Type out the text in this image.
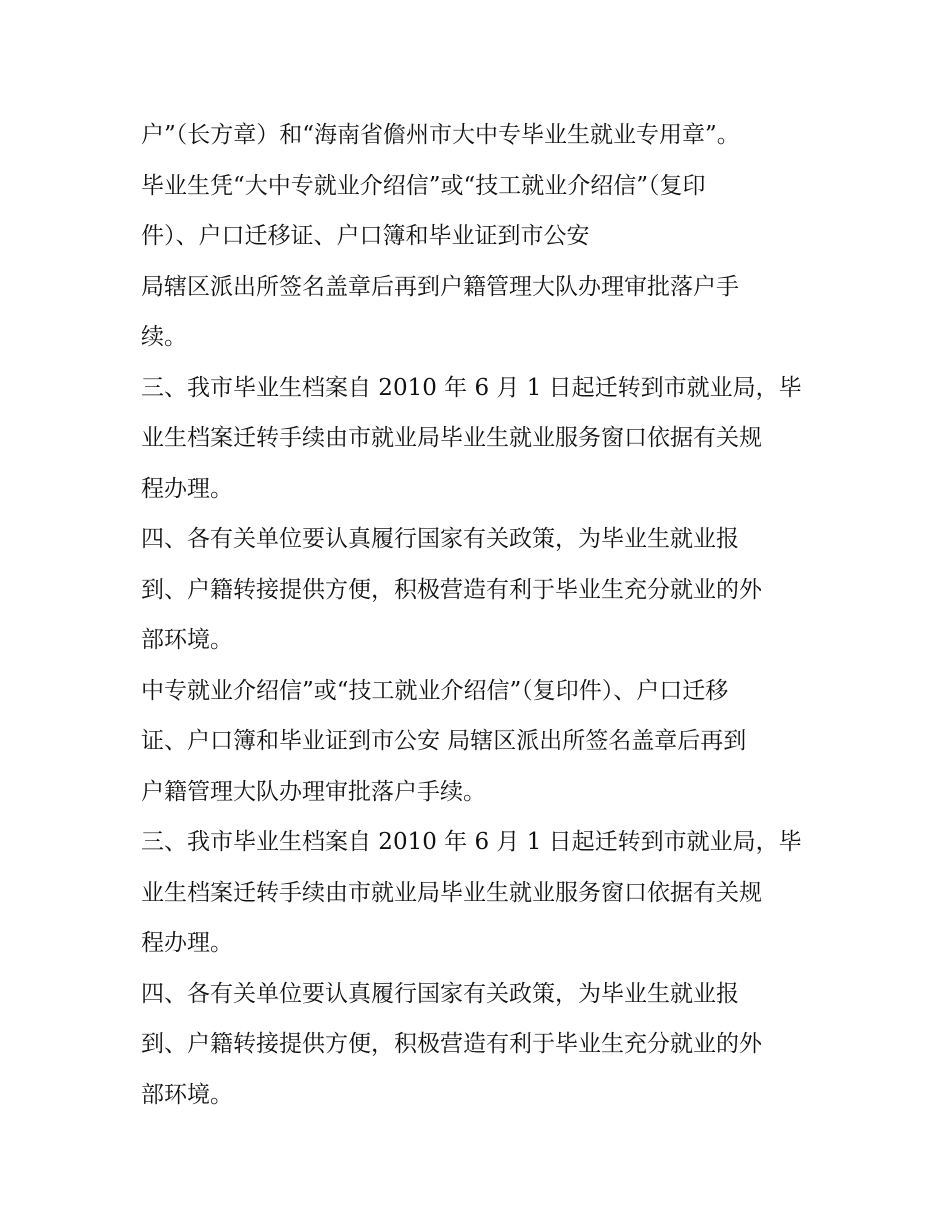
户”（长方章）和“海南省儋州市大中专毕业生就业专用章”。
毕业生凭“大中专就业介绍信”或“技工就业介绍信”（复印
件）、户口迁移证、户口簿和毕业证到市公安
局辖区派出所签名盖章后再到户籍管理大队办理审批落户手
续。
三、我市毕业生档案自 2010 年 6 月 1 日起迁转到市就业局，毕
业生档案迁转手续由市就业局毕业生就业服务窗口依据有关规
程办理。
四、各有关单位要认真履行国家有关政策，为毕业生就业报
到、户籍转接提供方便，积极营造有利于毕业生充分就业的外
部环境。
中专就业介绍信”或“技工就业介绍信”（复印件）、户口迁移
证、户口簿和毕业证到市公安 局辖区派出所签名盖章后再到
户籍管理大队办理审批落户手续。
三、我市毕业生档案自 2010 年 6 月 1 日起迁转到市就业局，毕
业生档案迁转手续由市就业局毕业生就业服务窗口依据有关规
程办理。
四、各有关单位要认真履行国家有关政策，为毕业生就业报
到、户籍转接提供方便，积极营造有利于毕业生充分就业的外
部环境。
